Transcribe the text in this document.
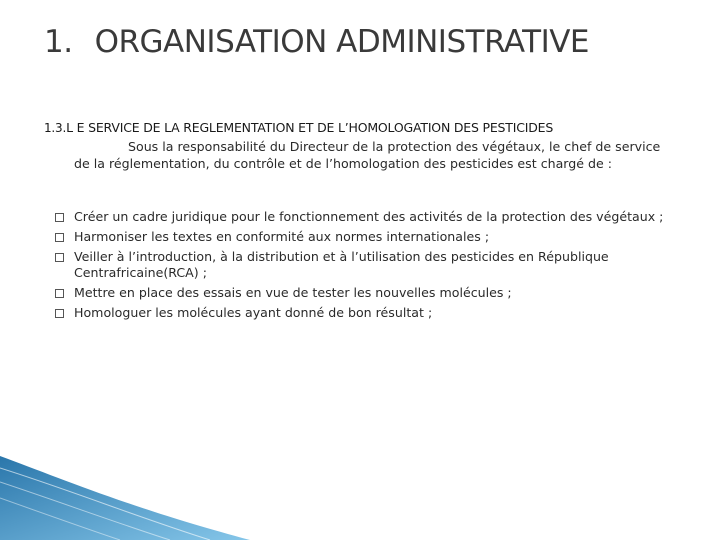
1. ORGANISATION ADMINISTRATIVE
1.3.L E SERVICE DE LA REGLEMENTATION ET DE L’HOMOLOGATION DES PESTICIDES
Sous la responsabilité du Directeur de la protection des végétaux, le chef de service de la réglementation, du contrôle et de l’homologation des pesticides est chargé de :
Créer un cadre juridique pour le fonctionnement des activités de la protection des végétaux ;
Harmoniser les textes en conformité aux normes internationales ;
Veiller à l’introduction, à la distribution et à l’utilisation des pesticides en République Centrafricaine(RCA) ;
Mettre en place des essais en vue de tester les nouvelles molécules ;
Homologuer les molécules ayant donné de bon résultat ;
